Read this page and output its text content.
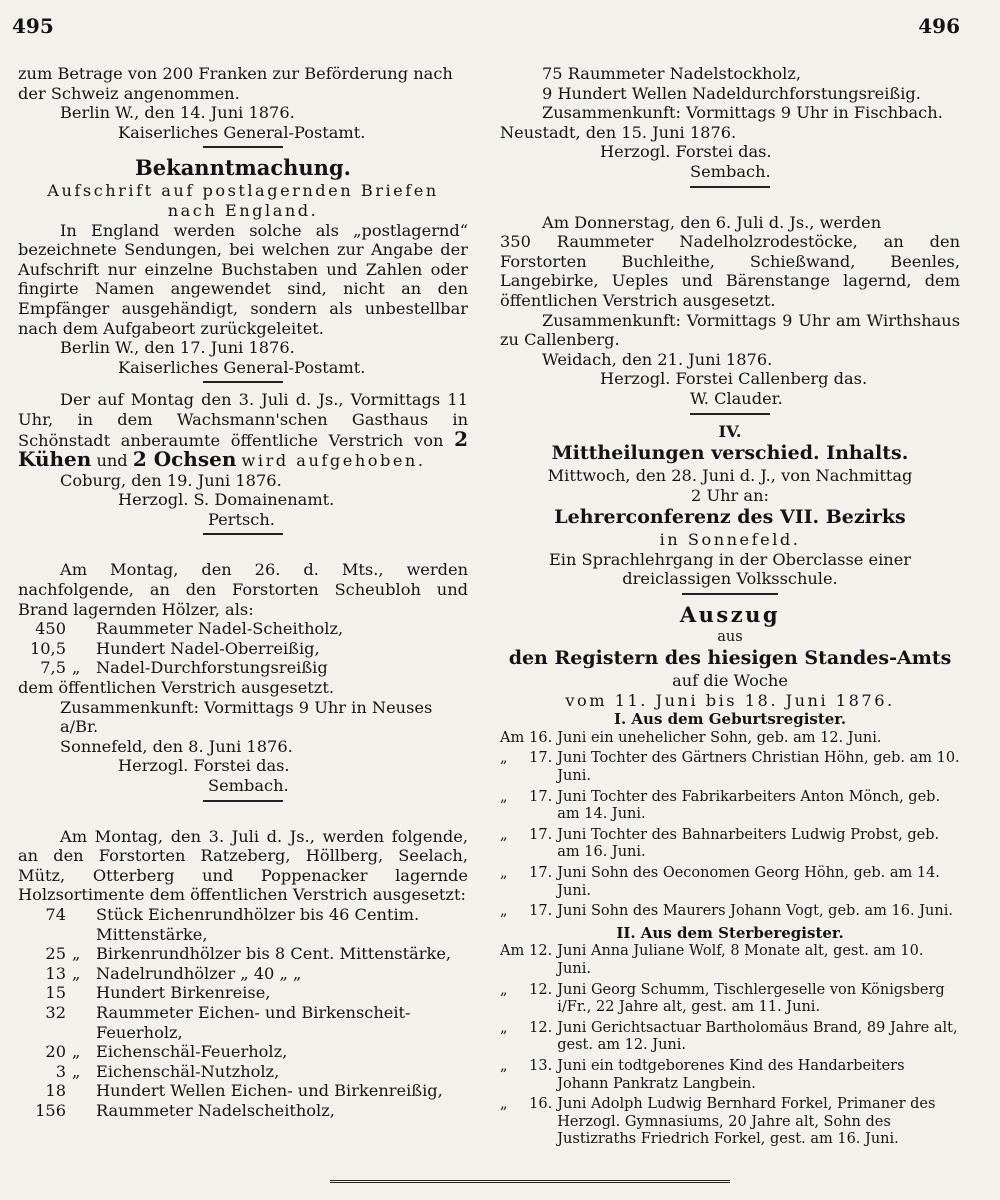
495	496

zum Betrage von 200 Franken zur Beförderung nach

der Schweiz angenommen.

Berlin W., den 14. Juni 1876.

Kaiserliches General-Postamt.

Bekanntmachung.

Aufschrift auf postlagernden Briefen

nach England.

In England werden solche als „postlagernd“ bezeichnete Sendungen, bei welchen zur Angabe der Aufschrift nur einzelne Buchstaben und Zahlen oder fingirte Namen angewendet sind, nicht an den Empfänger ausgehändigt, sondern als unbestellbar nach dem Aufgabeort zurückgeleitet.

Berlin W., den 17. Juni 1876.

Kaiserliches General-Postamt.

Der auf Montag den 3. Juli d. Js., Vormittags 11 Uhr, in dem Wachsmann'schen Gasthaus in Schönstadt anberaumte öffentliche Verstrich von 2 Kühen und 2 Ochsen wird aufgehoben.

Coburg, den 19. Juni 1876.

Herzogl. S. Domainenamt.

Pertsch.

Am Montag, den 26. d. Mts., werden nachfolgende, an den Forstorten Scheubloh und Brand lagernden Hölzer, als:

450		Raummeter Nadel-Scheitholz,
10,5		Hundert Nadel-Oberreißig,
7,5	„	Nadel-Durchforstungsreißig

dem öffentlichen Verstrich ausgesetzt.

Zusammenkunft: Vormittags 9 Uhr in Neuses a/Br.

Sonnefeld, den 8. Juni 1876.

Herzogl. Forstei das.

Sembach.

Am Montag, den 3. Juli d. Js., werden folgende, an den Forstorten Ratzeberg, Höllberg, Seelach, Mütz, Otterberg und Poppenacker lagernde Holzsortimente dem öffentlichen Verstrich ausgesetzt:

74		Stück Eichenrundhölzer bis 46 Centim. Mittenstärke,
25	„	Birkenrundhölzer bis 8 Cent. Mittenstärke,
13	„	Nadelrundhölzer „ 40 „ „
15		Hundert Birkenreise,
32		Raummeter Eichen- und Birkenscheit-Feuerholz,
20	„	Eichenschäl-Feuerholz,
3	„	Eichenschäl-Nutzholz,
18		Hundert Wellen Eichen- und Birkenreißig,
156		Raummeter Nadelscheitholz,

75 Raummeter Nadelstockholz,

9 Hundert Wellen Nadeldurchforstungsreißig.

Zusammenkunft: Vormittags 9 Uhr in Fischbach.

Neustadt, den 15. Juni 1876.

Herzogl. Forstei das.

Sembach.

Am Donnerstag, den 6. Juli d. Js., werden

350 Raummeter Nadelholzrodestöcke, an den Forstorten Buchleithe, Schießwand, Beenles, Langebirke, Ueples und Bärenstange lagernd, dem öffentlichen Verstrich ausgesetzt.

Zusammenkunft: Vormittags 9 Uhr am Wirthshaus zu Callenberg.

Weidach, den 21. Juni 1876.

Herzogl. Forstei Callenberg das.

W. Clauder.

IV.

Mittheilungen verschied. Inhalts.

Mittwoch, den 28. Juni d. J., von Nachmittag

2 Uhr an:

Lehrerconferenz des VII. Bezirks

in Sonnefeld.

Ein Sprachlehrgang in der Oberclasse einer dreiclassigen Volksschule.

Auszug

aus

den Registern des hiesigen Standes-Amts

auf die Woche

vom 11. Juni bis 18. Juni 1876.

I. Aus dem Geburtsregister.

Am	16.	Juni ein unehelicher Sohn, geb. am 12. Juni.
„	17.	Juni Tochter des Gärtners Christian Höhn, geb. am 10. Juni.
„	17.	Juni Tochter des Fabrikarbeiters Anton Mönch, geb. am 14. Juni.
„	17.	Juni Tochter des Bahnarbeiters Ludwig Probst, geb. am 16. Juni.
„	17.	Juni Sohn des Oeconomen Georg Höhn, geb. am 14. Juni.
„	17.	Juni Sohn des Maurers Johann Vogt, geb. am 16. Juni.

II. Aus dem Sterberegister.

Am	12.	Juni Anna Juliane Wolf, 8 Monate alt, gest. am 10. Juni.
„	12.	Juni Georg Schumm, Tischlergeselle von Königsberg i/Fr., 22 Jahre alt, gest. am 11. Juni.
„	12.	Juni Gerichtsactuar Bartholomäus Brand, 89 Jahre alt, gest. am 12. Juni.
„	13.	Juni ein todtgeborenes Kind des Handarbeiters Johann Pankratz Langbein.
„	16.	Juni Adolph Ludwig Bernhard Forkel, Primaner des Herzogl. Gymnasiums, 20 Jahre alt, Sohn des Justizraths Friedrich Forkel, gest. am 16. Juni.
